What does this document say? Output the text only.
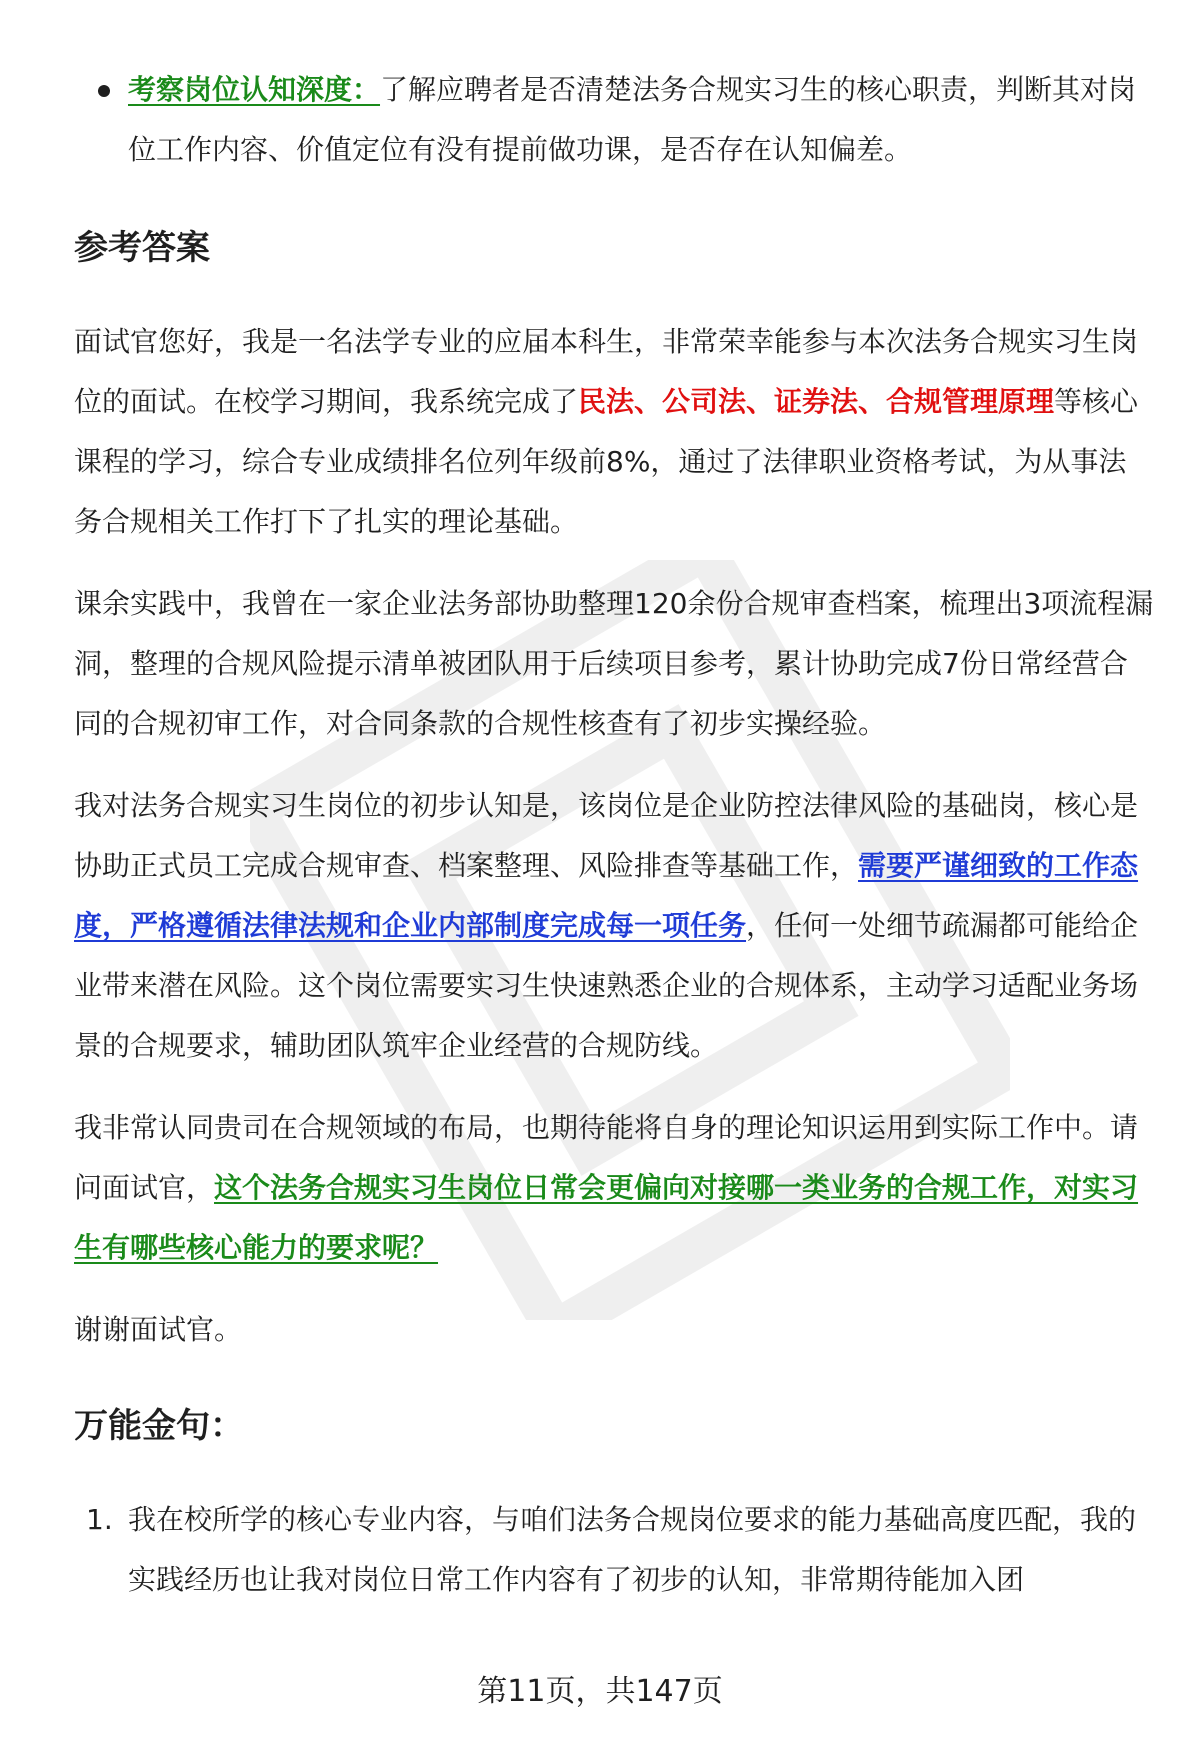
考察岗位认知深度：了解应聘者是否清楚法务合规实习生的核心职责，判断其对岗位工作内容、价值定位有没有提前做功课，是否存在认知偏差。
参考答案

面试官您好，我是一名法学专业的应届本科生，非常荣幸能参与本次法务合规实习生岗位的面试。在校学习期间，我系统完成了民法、公司法、证券法、合规管理原理等核心课程的学习，综合专业成绩排名位列年级前8%，通过了法律职业资格考试，为从事法务合规相关工作打下了扎实的理论基础。

课余实践中，我曾在一家企业法务部协助整理120余份合规审查档案，梳理出3项流程漏洞，整理的合规风险提示清单被团队用于后续项目参考，累计协助完成7份日常经营合同的合规初审工作，对合同条款的合规性核查有了初步实操经验。

我对法务合规实习生岗位的初步认知是，该岗位是企业防控法律风险的基础岗，核心是协助正式员工完成合规审查、档案整理、风险排查等基础工作，需要严谨细致的工作态度，严格遵循法律法规和企业内部制度完成每一项任务，任何一处细节疏漏都可能给企业带来潜在风险。这个岗位需要实习生快速熟悉企业的合规体系，主动学习适配业务场景的合规要求，辅助团队筑牢企业经营的合规防线。

我非常认同贵司在合规领域的布局，也期待能将自身的理论知识运用到实际工作中。请问面试官，这个法务合规实习生岗位日常会更偏向对接哪一类业务的合规工作，对实习生有哪些核心能力的要求呢？

谢谢面试官。

万能金句：
1. 我在校所学的核心专业内容，与咱们法务合规岗位要求的能力基础高度匹配，我的实践经历也让我对岗位日常工作内容有了初步的认知，非常期待能加入团
第11页，共147页
